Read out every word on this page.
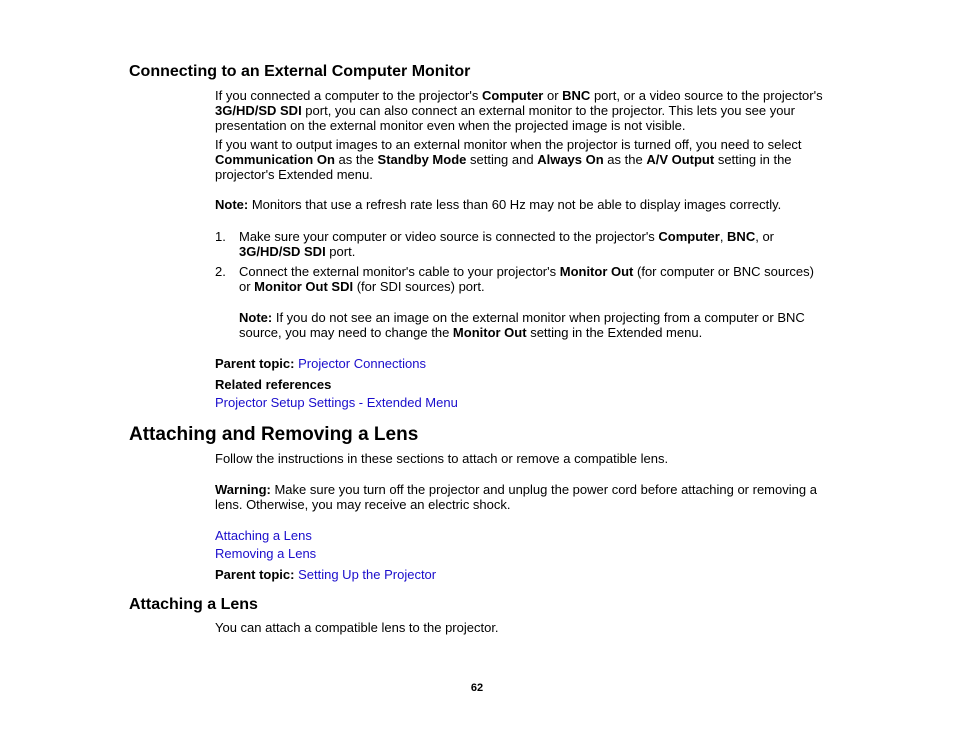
Connecting to an External Computer Monitor
If you connected a computer to the projector's Computer or BNC port, or a video source to the projector's 3G/HD/SD SDI port, you can also connect an external monitor to the projector. This lets you see your presentation on the external monitor even when the projected image is not visible.
If you want to output images to an external monitor when the projector is turned off, you need to select Communication On as the Standby Mode setting and Always On as the A/V Output setting in the projector's Extended menu.
Note: Monitors that use a refresh rate less than 60 Hz may not be able to display images correctly.
1. Make sure your computer or video source is connected to the projector's Computer, BNC, or 3G/HD/SD SDI port.
2. Connect the external monitor's cable to your projector's Monitor Out (for computer or BNC sources) or Monitor Out SDI (for SDI sources) port.
Note: If you do not see an image on the external monitor when projecting from a computer or BNC source, you may need to change the Monitor Out setting in the Extended menu.
Parent topic: Projector Connections
Related references
Projector Setup Settings - Extended Menu
Attaching and Removing a Lens
Follow the instructions in these sections to attach or remove a compatible lens.
Warning: Make sure you turn off the projector and unplug the power cord before attaching or removing a lens. Otherwise, you may receive an electric shock.
Attaching a Lens
Removing a Lens
Parent topic: Setting Up the Projector
Attaching a Lens
You can attach a compatible lens to the projector.
62
